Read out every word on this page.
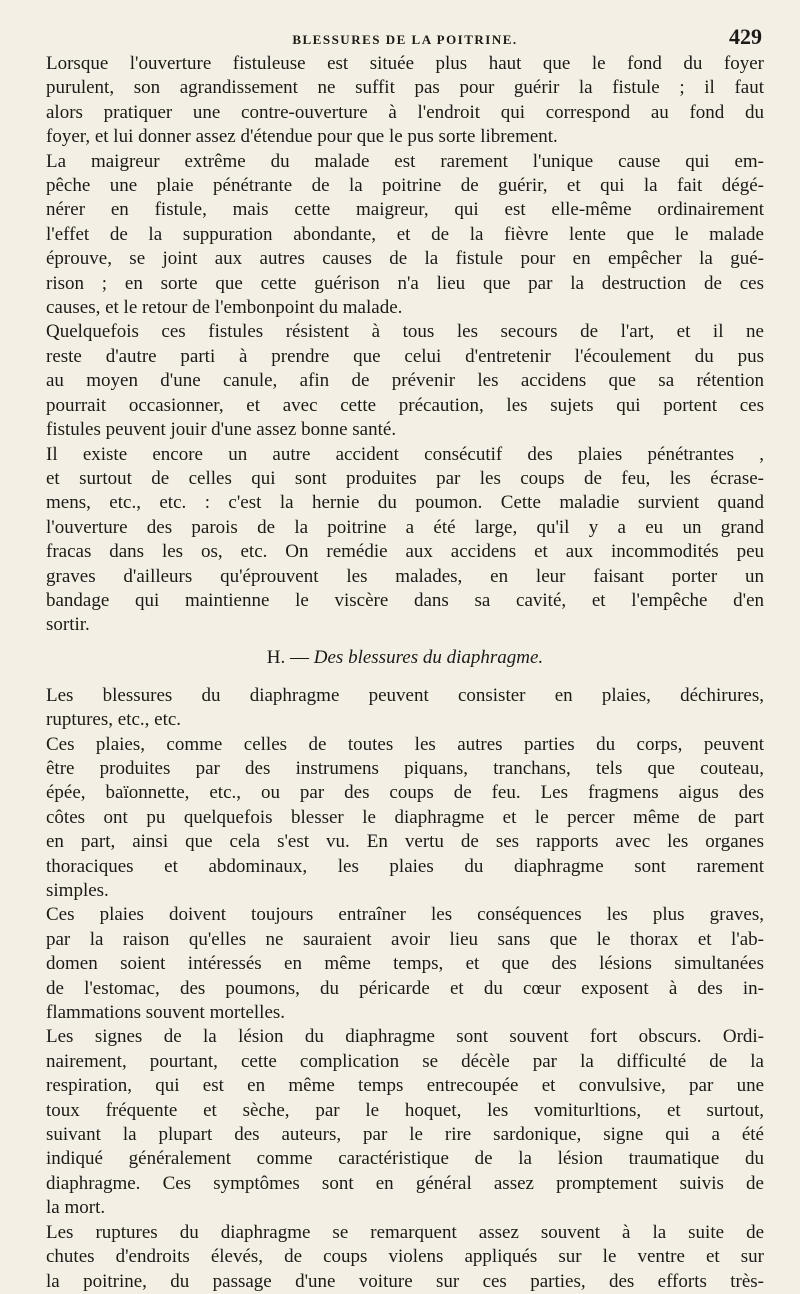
BLESSURES DE LA POITRINE.	429

Lorsque l'ouverture fistuleuse est située plus haut que le fond du foyer
purulent, son agrandissement ne suffit pas pour guérir la fistule ; il faut
alors pratiquer une contre-ouverture à l'endroit qui correspond au fond du
foyer, et lui donner assez d'étendue pour que le pus sorte librement.

La maigreur extrême du malade est rarement l'unique cause qui em-
pêche une plaie pénétrante de la poitrine de guérir, et qui la fait dégé-
nérer en fistule, mais cette maigreur, qui est elle-même ordinairement
l'effet de la suppuration abondante, et de la fièvre lente que le malade
éprouve, se joint aux autres causes de la fistule pour en empêcher la gué-
rison ; en sorte que cette guérison n'a lieu que par la destruction de ces
causes, et le retour de l'embonpoint du malade.

Quelquefois ces fistules résistent à tous les secours de l'art, et il ne
reste d'autre parti à prendre que celui d'entretenir l'écoulement du pus
au moyen d'une canule, afin de prévenir les accidens que sa rétention
pourrait occasionner, et avec cette précaution, les sujets qui portent ces
fistules peuvent jouir d'une assez bonne santé.

Il existe encore un autre accident consécutif des plaies pénétrantes ,
et surtout de celles qui sont produites par les coups de feu, les écrase-
mens, etc., etc. : c'est la hernie du poumon. Cette maladie survient quand
l'ouverture des parois de la poitrine a été large, qu'il y a eu un grand
fracas dans les os, etc. On remédie aux accidens et aux incommodités peu
graves d'ailleurs qu'éprouvent les malades, en leur faisant porter un
bandage qui maintienne le viscère dans sa cavité, et l'empêche d'en
sortir.

H. — Des blessures du diaphragme.

Les blessures du diaphragme peuvent consister en plaies, déchirures,
ruptures, etc., etc.

Ces plaies, comme celles de toutes les autres parties du corps, peuvent
être produites par des instrumens piquans, tranchans, tels que couteau,
épée, baïonnette, etc., ou par des coups de feu. Les fragmens aigus des
côtes ont pu quelquefois blesser le diaphragme et le percer même de part
en part, ainsi que cela s'est vu. En vertu de ses rapports avec les organes
thoraciques et abdominaux, les plaies du diaphragme sont rarement
simples.

Ces plaies doivent toujours entraîner les conséquences les plus graves,
par la raison qu'elles ne sauraient avoir lieu sans que le thorax et l'ab-
domen soient intéressés en même temps, et que des lésions simultanées
de l'estomac, des poumons, du péricarde et du cœur exposent à des in-
flammations souvent mortelles.

Les signes de la lésion du diaphragme sont souvent fort obscurs. Ordi-
nairement, pourtant, cette complication se décèle par la difficulté de la
respiration, qui est en même temps entrecoupée et convulsive, par une
toux fréquente et sèche, par le hoquet, les vomiturltions, et surtout,
suivant la plupart des auteurs, par le rire sardonique, signe qui a été
indiqué généralement comme caractéristique de la lésion traumatique du
diaphragme. Ces symptômes sont en général assez promptement suivis de
la mort.

Les ruptures du diaphragme se remarquent assez souvent à la suite de
chutes d'endroits élevés, de coups violens appliqués sur le ventre et sur
la poitrine, du passage d'une voiture sur ces parties, des efforts très-
